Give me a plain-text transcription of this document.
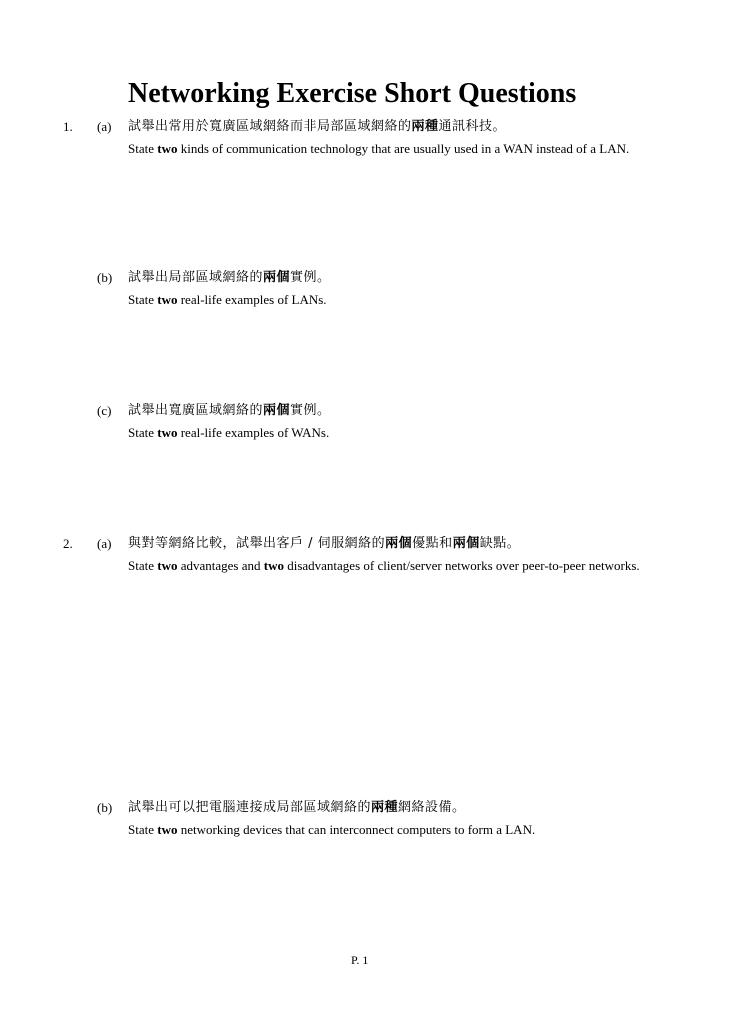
Networking Exercise Short Questions
1. (a) 試舉出常用於寬廣區域網絡而非局部區域網絡的兩種通訊科技。
State two kinds of communication technology that are usually used in a WAN instead of a LAN.
(b) 試舉出局部區域網絡的兩個實例。
State two real-life examples of LANs.
(c) 試舉出寬廣區域網絡的兩個實例。
State two real-life examples of WANs.
2. (a) 與對等網絡比較，試舉出客戶 / 伺服網絡的兩個優點和兩個缺點。
State two advantages and two disadvantages of client/server networks over peer-to-peer networks.
(b) 試舉出可以把電腦連接成局部區域網絡的兩種網絡設備。
State two networking devices that can interconnect computers to form a LAN.
P. 1
